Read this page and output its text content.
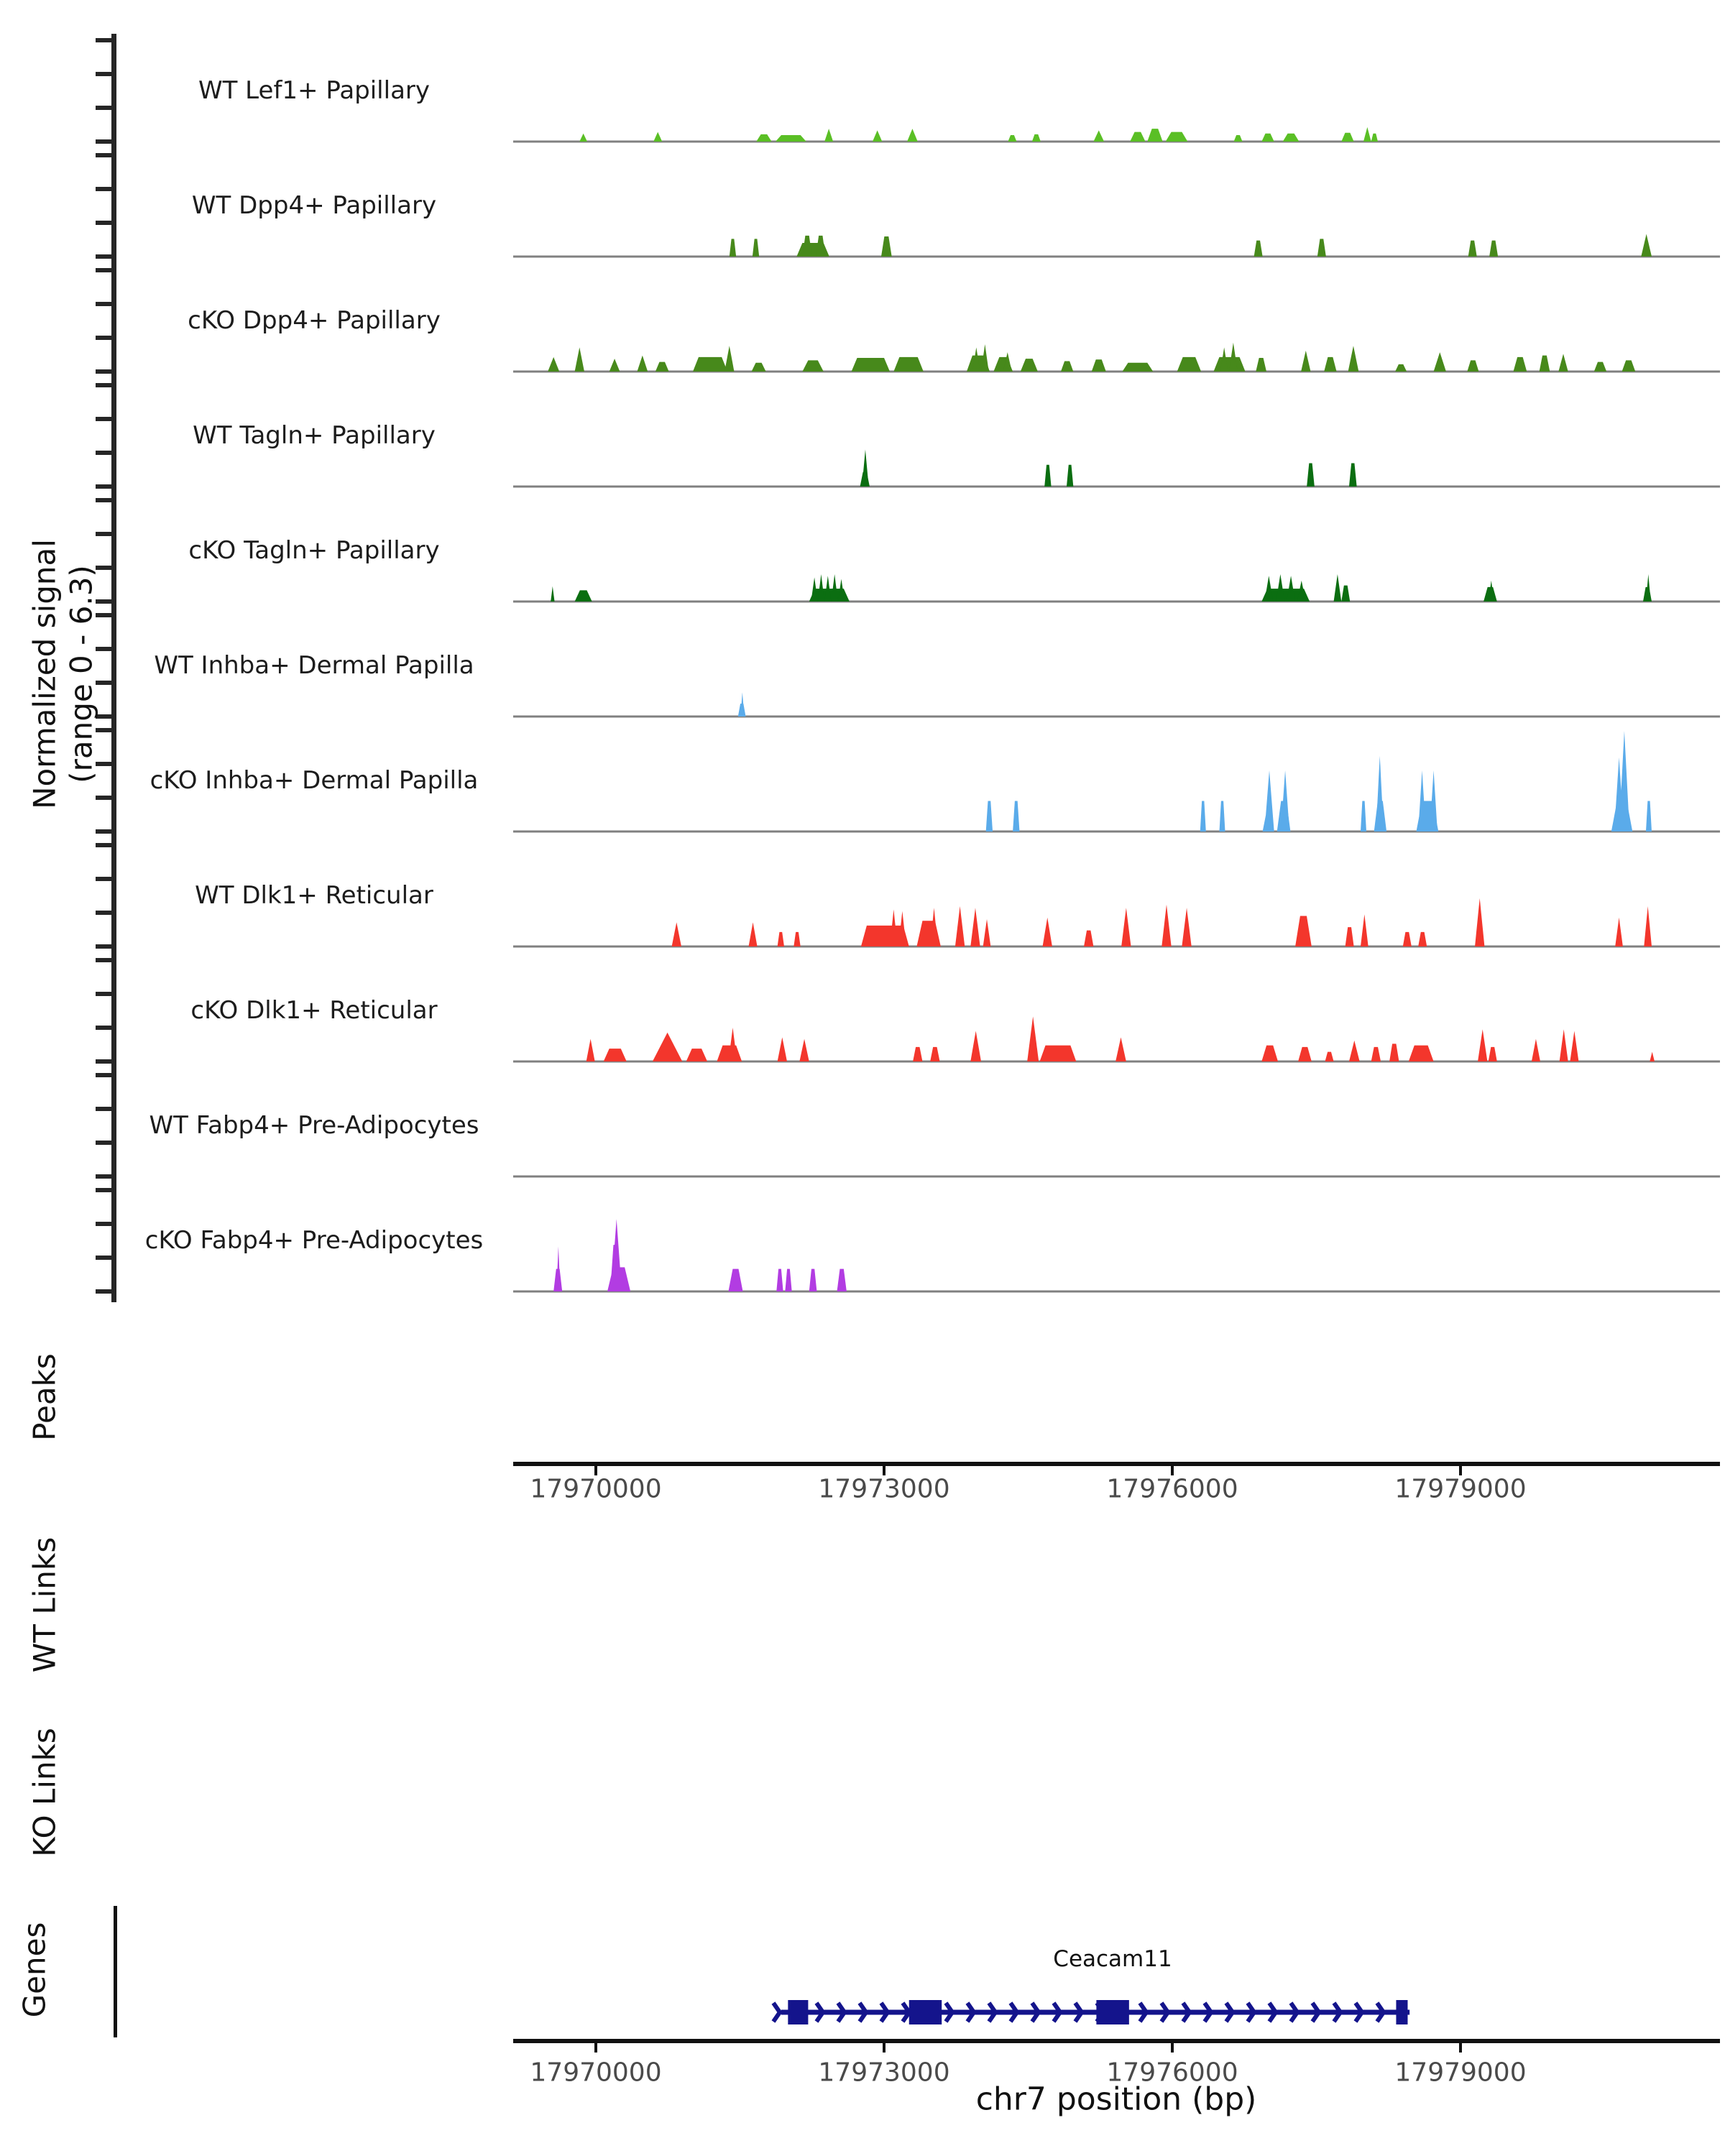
Normalized signal (range 0 - 6.3)
Peaks
WT Links
KO Links
Genes
WT Lef1+ Papillary
WT Dpp4+ Papillary
cKO Dpp4+ Papillary
WT Tagln+ Papillary
cKO Tagln+ Papillary
WT Inhba+ Dermal Papilla
cKO Inhba+ Dermal Papilla
WT Dlk1+ Reticular
cKO Dlk1+ Reticular
WT Fabp4+ Pre-Adipocytes
cKO Fabp4+ Pre-Adipocytes
17970000	17973000	17976000	17979000
17970000	17973000	17976000	17979000
Ceacam11
chr7 position (bp)
